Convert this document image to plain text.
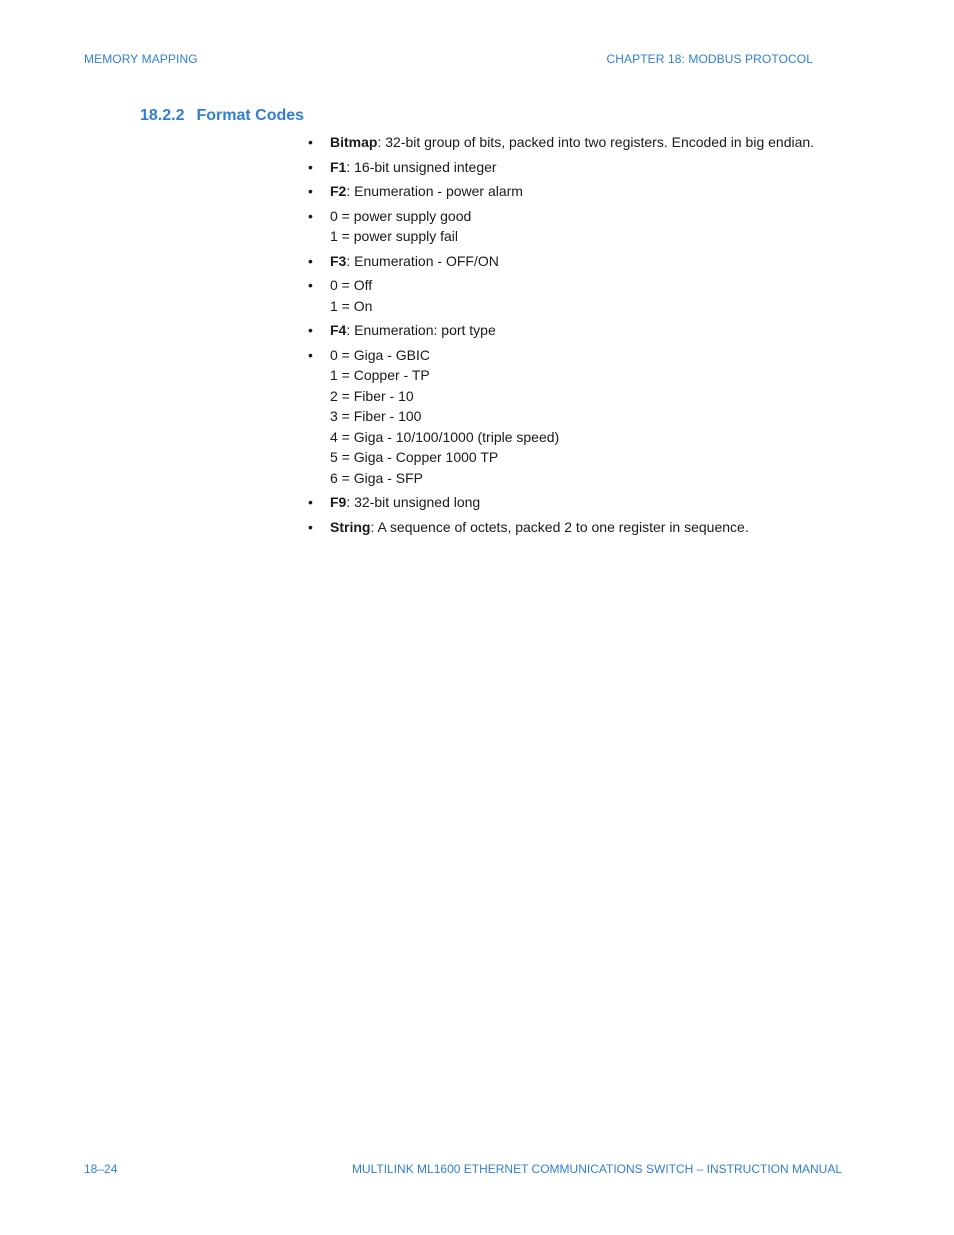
MEMORY MAPPING	CHAPTER 18: MODBUS PROTOCOL
18.2.2 Format Codes
• Bitmap: 32-bit group of bits, packed into two registers. Encoded in big endian.
• F1: 16-bit unsigned integer
• F2: Enumeration - power alarm
• 0 = power supply good
1 = power supply fail
• F3: Enumeration - OFF/ON
• 0 = Off
1 = On
• F4: Enumeration: port type
• 0 = Giga - GBIC
1 = Copper - TP
2 = Fiber - 10
3 = Fiber - 100
4 = Giga - 10/100/1000 (triple speed)
5 = Giga - Copper 1000 TP
6 = Giga - SFP
• F9: 32-bit unsigned long
• String: A sequence of octets, packed 2 to one register in sequence.
18–24	MULTILINK ML1600 ETHERNET COMMUNICATIONS SWITCH – INSTRUCTION MANUAL
